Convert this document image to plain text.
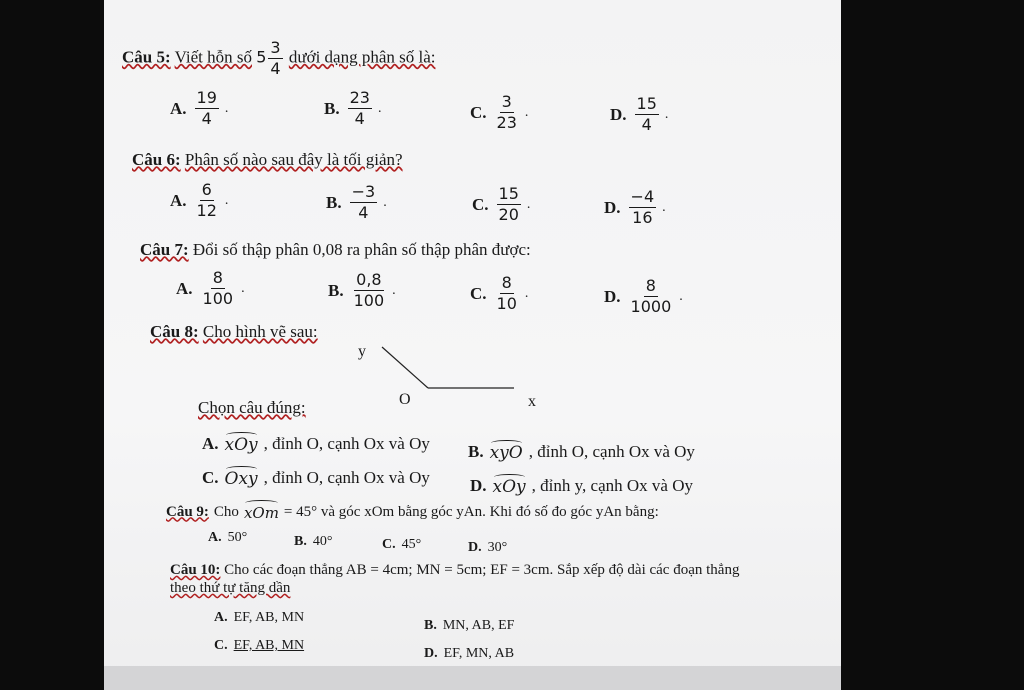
Câu 5: Viết hỗn số $5 \frac{3}{4}$ dưới dạng phân số là:
A. $\frac{19}{4}$ .	B. $\frac{23}{4}$ .	C. $\frac{3}{23}$ .	D. $\frac{15}{4}$ .
Câu 6: Phân số nào sau đây là tối giản?
A. $\frac{6}{12}$ .	B. $\frac{-3}{4}$ .	C. $\frac{15}{20}$ .	D. $\frac{-4}{16}$ .
Câu 7: Đổi số thập phân 0,08 ra phân số thập phân được:
A. $\frac{8}{100}$ .	B. $\frac{0,8}{100}$ .	C. $\frac{8}{10}$ .	D. $\frac{8}{1000}$ .
Câu 8: Cho hình vẽ sau:
y
O	x
Chọn câu đúng:
A. xOy , đỉnh O, cạnh Ox và Oy B. xyO , đỉnh O, cạnh Ox và Oy
C. Oxy , đỉnh O, cạnh Ox và Oy D. xOy , đỉnh y, cạnh Ox và Oy
Câu 9: Cho xOm = 45° và góc xOm bằng góc yAn. Khi đó số đo góc yAn bằng:
A. 50°	B. 40°	C. 45°	D. 30°
Câu 10: Cho các đoạn thẳng AB = 4cm; MN = 5cm; EF = 3cm. Sắp xếp độ dài các đoạn thẳng
theo thứ tự tăng dần
A. EF, AB, MN
B. MN, AB, EF
C. EF, AB, MN
D. EF, MN, AB
